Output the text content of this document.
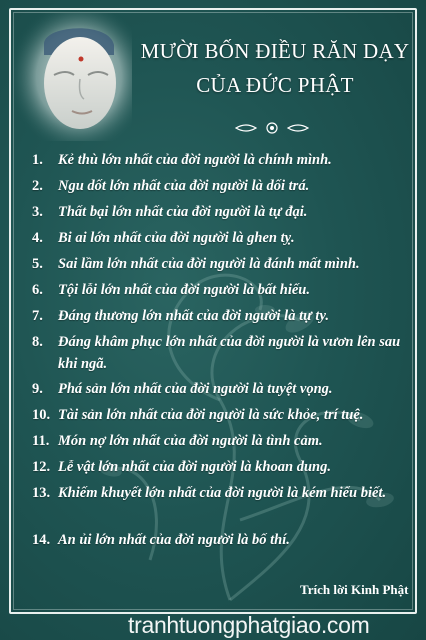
MƯỜI BỐN ĐIỀU RĂN DẠY
CỦA ĐỨC PHẬT
1.	Kẻ thù lớn nhất của đời người là chính mình.
2.	Ngu dốt lớn nhất của đời người là dối trá.
3.	Thất bại lớn nhất của đời người là tự đại.
4.	Bi ai lớn nhất của đời người là ghen tỵ.
5.	Sai lầm lớn nhất của đời người là đánh mất mình.
6.	Tội lỗi lớn nhất của đời người là bất hiếu.
7.	Đáng thương lớn nhất của đời người là tự ty.
8.	Đáng khâm phục lớn nhất của đời người là vươn lên sau khi ngã.
9.	Phá sản lớn nhất của đời người là tuyệt vọng.
10. Tài sản lớn nhất của đời người là sức khỏe, trí tuệ.
11. Món nợ lớn nhất của đời người là tình cảm.
12. Lễ vật lớn nhất của đời người là khoan dung.
13. Khiếm khuyết lớn nhất của đời người là kém hiểu biết.
14. An ủi lớn nhất của đời người là bố thí.
Trích lời Kinh Phật
tranhtuongphatgiao.com
